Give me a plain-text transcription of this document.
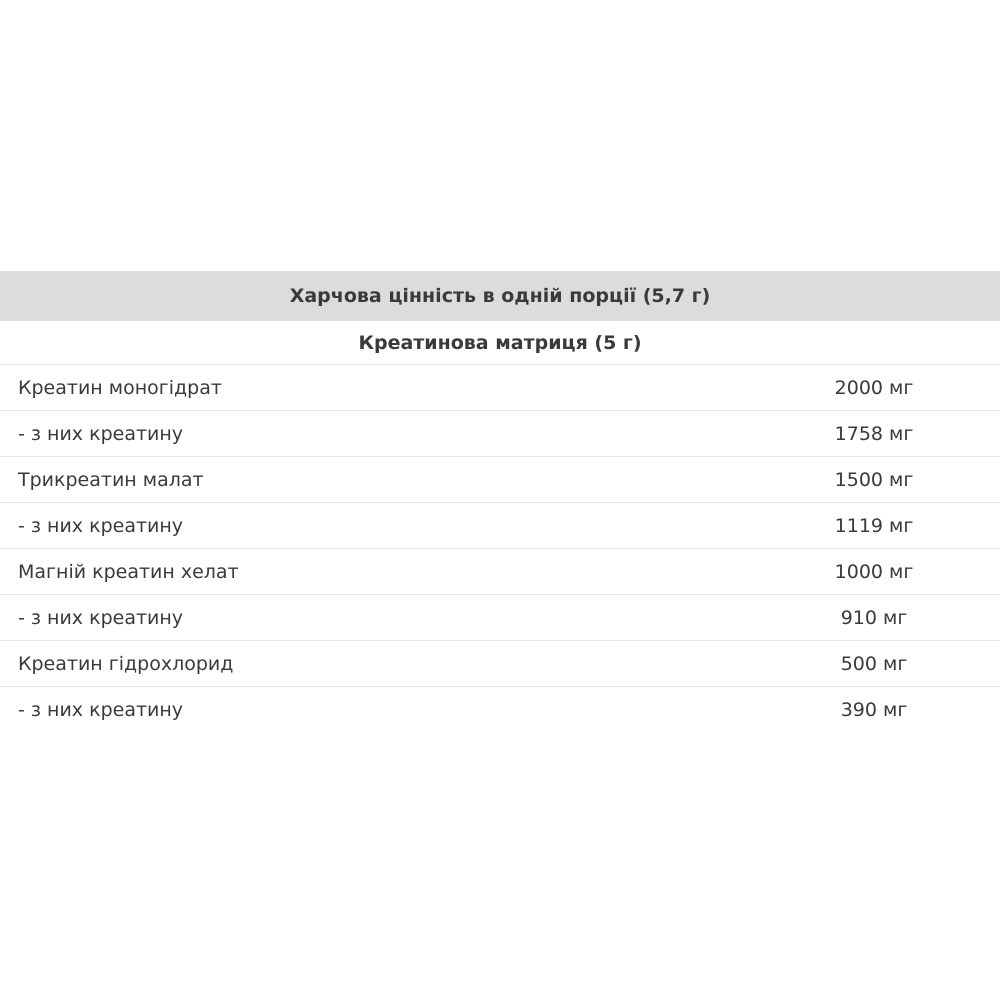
Харчова цінність в одній порції (5,7 г)
Креатинова матриця (5 г)
Креатин моногідрат	2000 мг
- з них креатину	1758 мг
Трикреатин малат	1500 мг
- з них креатину	1119 мг
Магній креатин хелат	1000 мг
- з них креатину	910 мг
Креатин гідрохлорид	500 мг
- з них креатину	390 мг
